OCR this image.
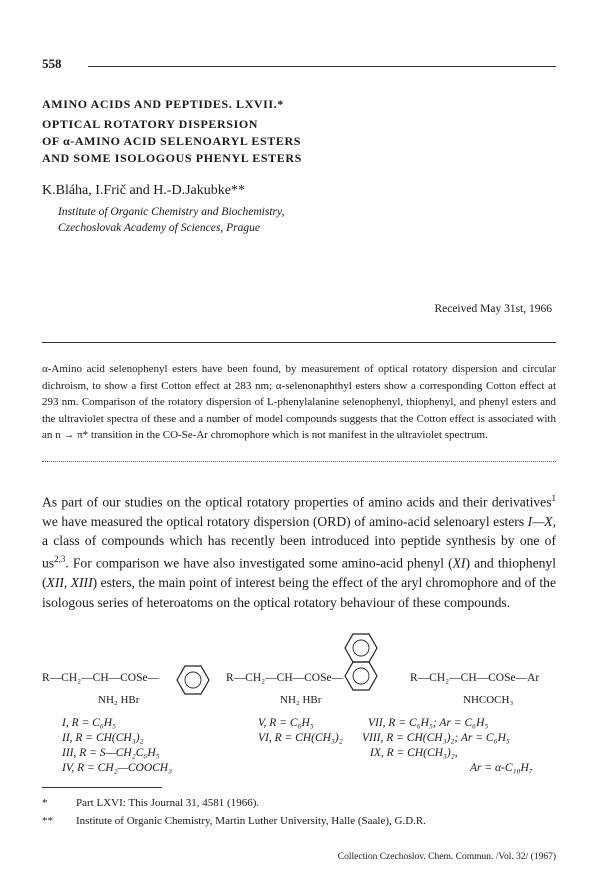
558
AMINO ACIDS AND PEPTIDES. LXVII.*
OPTICAL ROTATORY DISPERSION
OF α-AMINO ACID SELENOARYL ESTERS
AND SOME ISOLOGOUS PHENYL ESTERS
K.Bláha, I.Frič and H.-D.Jakubke**
Institute of Organic Chemistry and Biochemistry,
Czechoslovak Academy of Sciences, Prague
Received May 31st, 1966
α-Amino acid selenophenyl esters have been found, by measurement of optical rotatory dispersion and circular dichroism, to show a first Cotton effect at 283 nm; α-selenonaphthyl esters show a corresponding Cotton effect at 293 nm. Comparison of the rotatory dispersion of L-phenylalanine selenophenyl, thiophenyl, and phenyl esters and the ultraviolet spectra of these and a number of model compounds suggests that the Cotton effect is associated with an n → π* transition in the CO-Se-Ar chromophore which is not manifest in the ultraviolet spectrum.

As part of our studies on the optical rotatory properties of amino acids and their derivatives$^1$ we have measured the optical rotatory dispersion (ORD) of amino-acid selenoaryl esters I—X, a class of compounds which has recently been introduced into peptide synthesis by one of us$^{2,3}$. For comparison we have also investigated some amino-acid phenyl (XI) and thiophenyl (XII, XIII) esters, the main point of interest being the effect of the aryl chromophore and of the isologous series of heteroatoms on the optical rotatory behaviour of these compounds.

R—CH₂—CH—COSe—
NH₂ HBr
R—CH₂—CH—COSe—
NH₂ HBr
R—CH₂—CH—COSe—Ar
NHCOCH₃
I, R = C₆H₅
II, R = CH(CH₃)₂
III, R = S—CH₂C₆H₅
IV, R = CH₂—COOCH₃
V, R = C₆H₅
VI, R = CH(CH₃)₂
VII, R = C₆H₅; Ar = C₆H₅
VIII, R = CH(CH₃)₂; Ar = C₆H₅
IX, R = CH(CH₃)₂,
Ar = α-C₁₀H₇
*	Part LXVI: This Journal 31, 4581 (1966).
** Institute of Organic Chemistry, Martin Luther University, Halle (Saale), G.D.R.
Collection Czechoslov. Chem. Commun. /Vol. 32/ (1967)
